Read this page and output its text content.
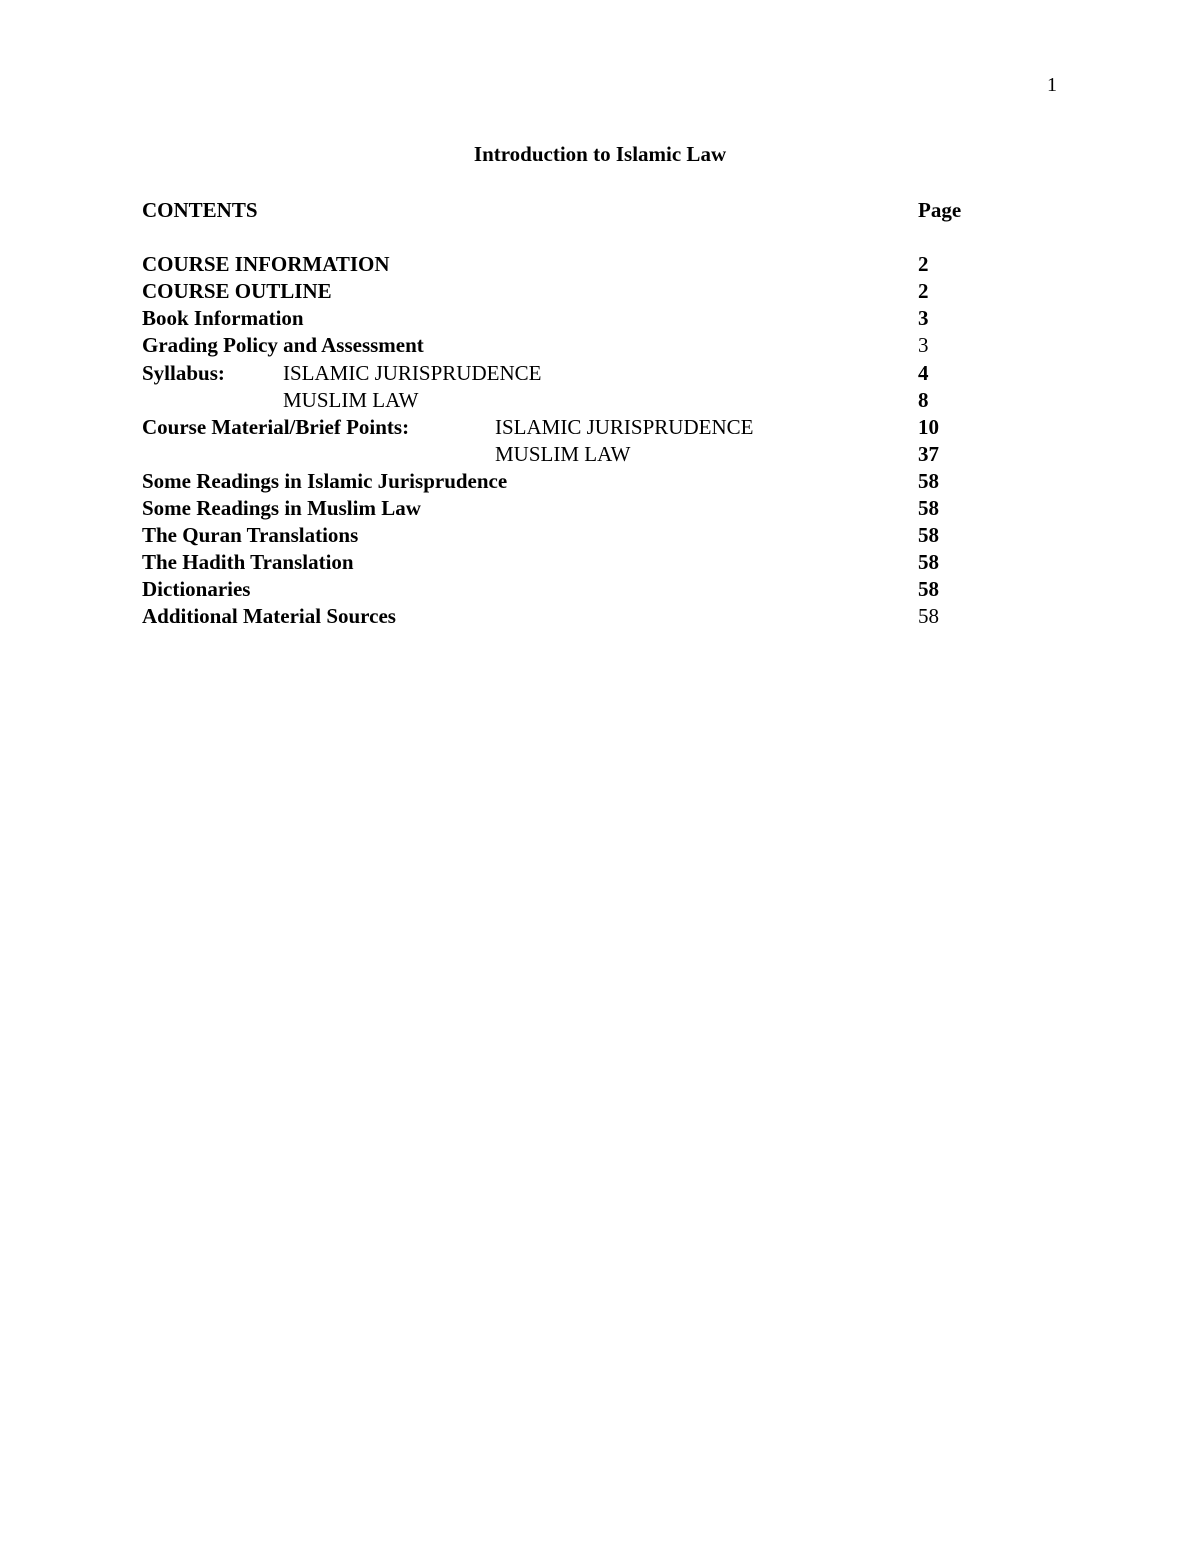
1
Introduction to Islamic Law
CONTENTS	Page
COURSE INFORMATION	2
COURSE OUTLINE	2
Book Information	3
Grading Policy and Assessment	3
Syllabus:	ISLAMIC JURISPRUDENCE	4
MUSLIM LAW	8
Course Material/Brief Points:	ISLAMIC JURISPRUDENCE	10
MUSLIM LAW	37
Some Readings in Islamic Jurisprudence	58
Some Readings in Muslim Law	58
The Quran Translations	58
The Hadith Translation	58
Dictionaries	58
Additional Material Sources	58
